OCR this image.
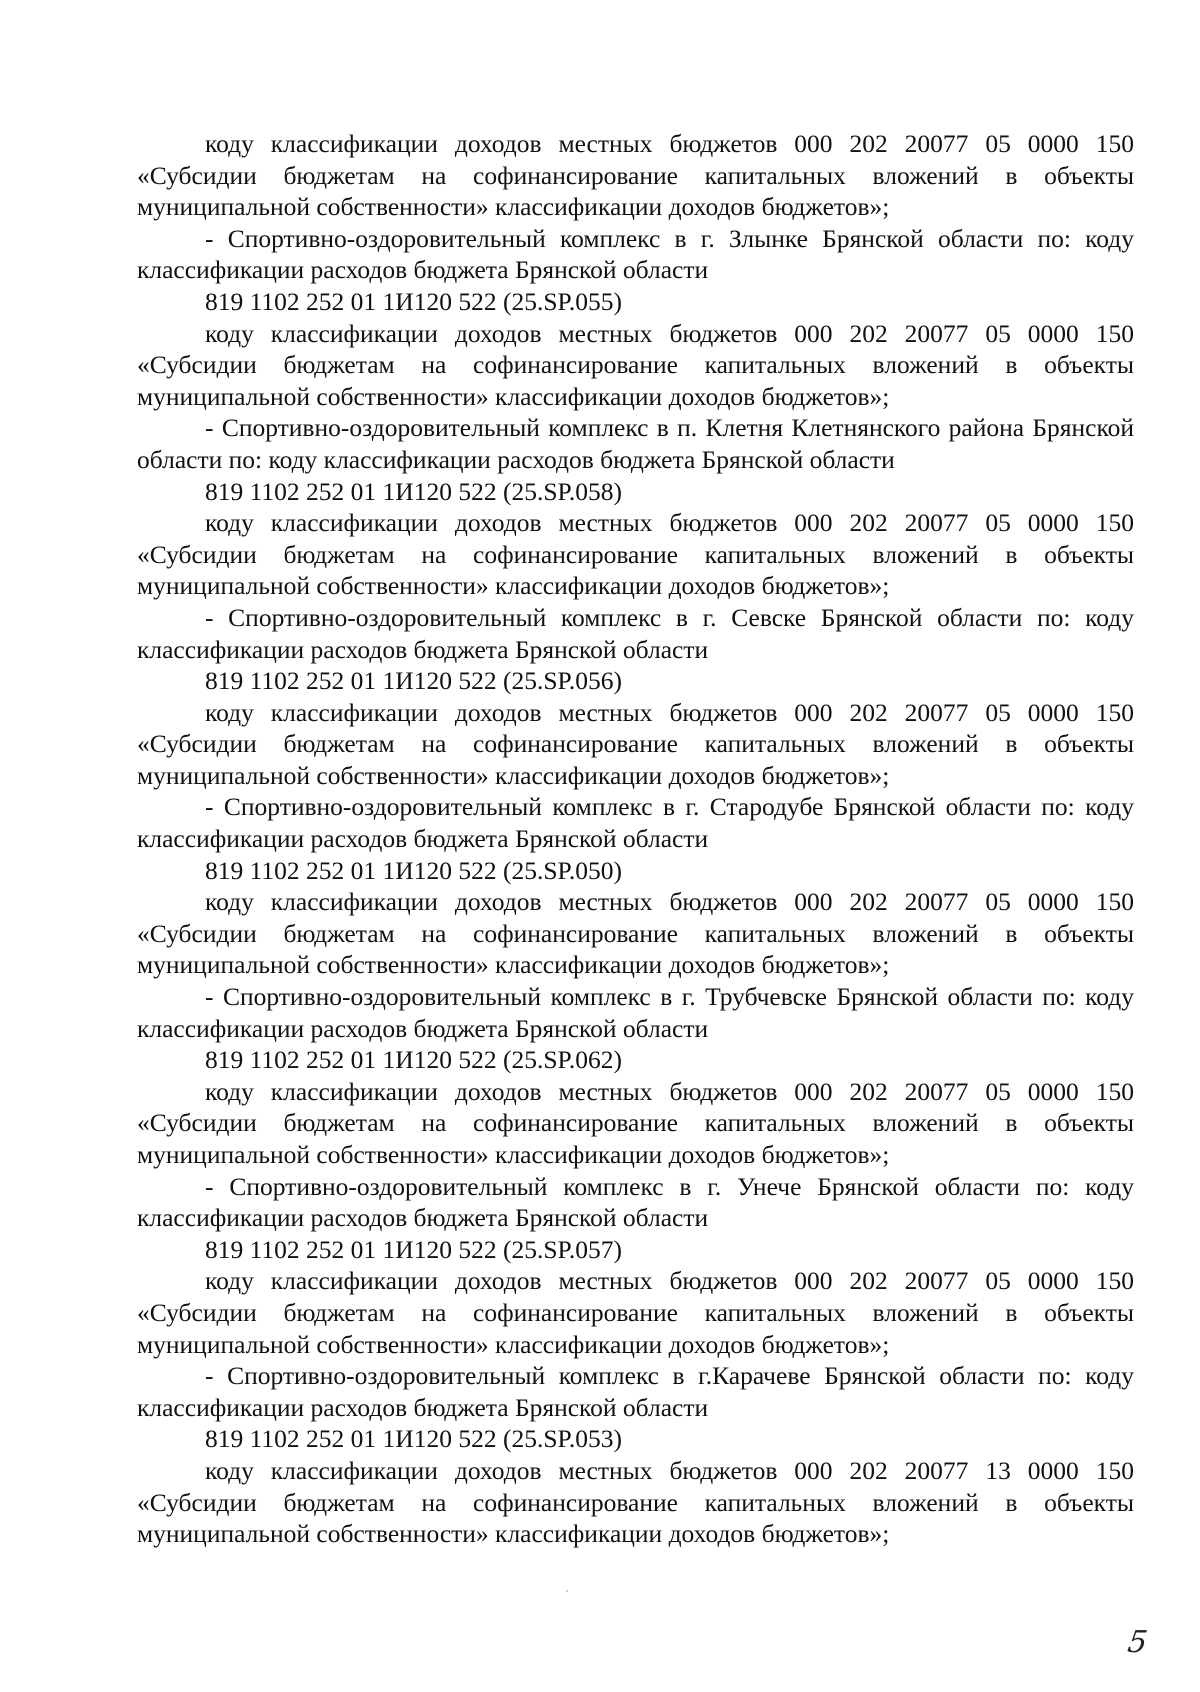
кодy классификации доходов местных бюджетов 000 202 20077 05 0000 150 «Субсидии бюджетам на софинансирование капитальных вложений в объекты муниципальной собственности» классификации доходов бюджетов»;

- Спортивно-оздоровительный комплекс в г. Злынке Брянской области по: коду классификации расходов бюджета Брянской области

819 1102 252 01 1И120 522 (25.SP.055)

коду классификации доходов местных бюджетов 000 202 20077 05 0000 150 «Субсидии бюджетам на софинансирование капитальных вложений в объекты муниципальной собственности» классификации доходов бюджетов»;

- Спортивно-оздоровительный комплекс в п. Клетня Клетнянского района Брянской области по: коду классификации расходов бюджета Брянской области

819 1102 252 01 1И120 522 (25.SP.058)

коду классификации доходов местных бюджетов 000 202 20077 05 0000 150 «Субсидии бюджетам на софинансирование капитальных вложений в объекты муниципальной собственности» классификации доходов бюджетов»;

- Спортивно-оздоровительный комплекс в г. Севске Брянской области по: коду классификации расходов бюджета Брянской области

819 1102 252 01 1И120 522 (25.SP.056)

коду классификации доходов местных бюджетов 000 202 20077 05 0000 150 «Субсидии бюджетам на софинансирование капитальных вложений в объекты муниципальной собственности» классификации доходов бюджетов»;

- Спортивно-оздоровительный комплекс в г. Стародубе Брянской области по: коду классификации расходов бюджета Брянской области

819 1102 252 01 1И120 522 (25.SP.050)

коду классификации доходов местных бюджетов 000 202 20077 05 0000 150 «Субсидии бюджетам на софинансирование капитальных вложений в объекты муниципальной собственности» классификации доходов бюджетов»;

- Спортивно-оздоровительный комплекс в г. Трубчевске Брянской области по: коду классификации расходов бюджета Брянской области

819 1102 252 01 1И120 522 (25.SP.062)

коду классификации доходов местных бюджетов 000 202 20077 05 0000 150 «Субсидии бюджетам на софинансирование капитальных вложений в объекты муниципальной собственности» классификации доходов бюджетов»;

- Спортивно-оздоровительный комплекс в г. Унече Брянской области по: коду классификации расходов бюджета Брянской области

819 1102 252 01 1И120 522 (25.SP.057)

коду классификации доходов местных бюджетов 000 202 20077 05 0000 150 «Субсидии бюджетам на софинансирование капитальных вложений в объекты муниципальной собственности» классификации доходов бюджетов»;

- Спортивно-оздоровительный комплекс в г.Карачеве Брянской области по: коду классификации расходов бюджета Брянской области

819 1102 252 01 1И120 522 (25.SP.053)

коду классификации доходов местных бюджетов 000 202 20077 13 0000 150 «Субсидии бюджетам на софинансирование капитальных вложений в объекты муниципальной собственности» классификации доходов бюджетов»;

5
